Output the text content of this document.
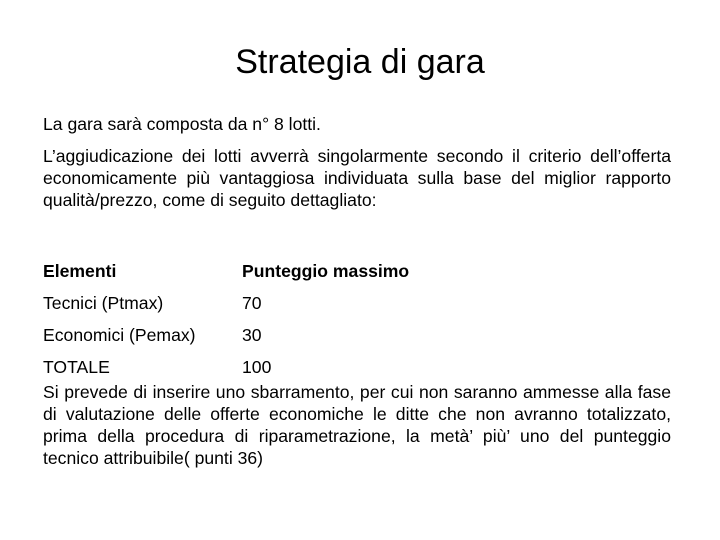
Strategia di gara
La gara sarà composta da n° 8 lotti.
L’aggiudicazione dei lotti avverrà singolarmente secondo il criterio dell’offerta economicamente più vantaggiosa individuata sulla base del miglior rapporto qualità/prezzo, come di seguito dettagliato:
Elementi	Punteggio massimo
Tecnici (Ptmax)	70
Economici (Pemax)	30
TOTALE	100
Si prevede di inserire uno sbarramento, per cui non saranno ammesse alla fase di valutazione delle offerte economiche le ditte che non avranno totalizzato, prima della procedura di riparametrazione, la metà’ più’ uno del punteggio tecnico attribuibile( punti 36)
